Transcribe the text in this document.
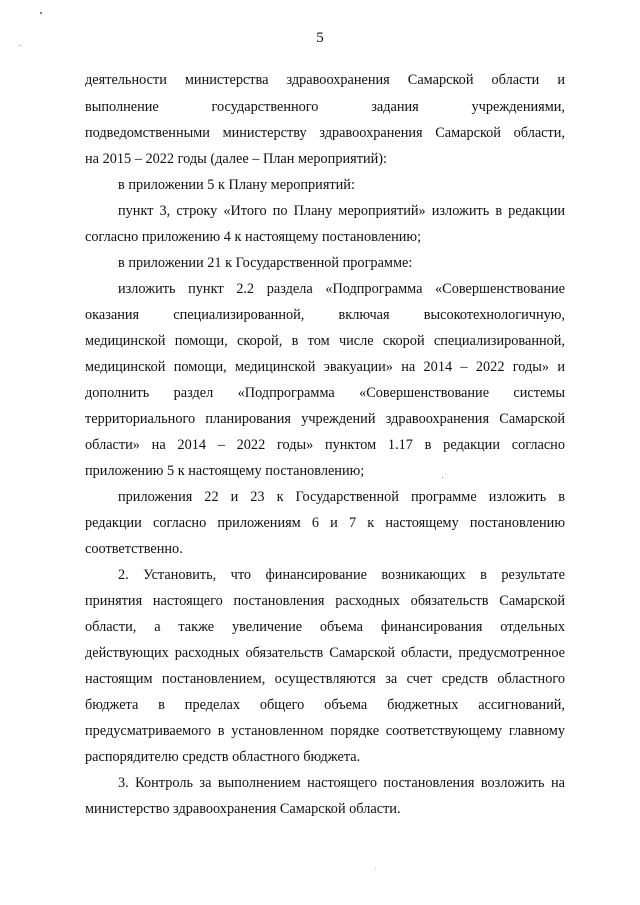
5
деятельности министерства здравоохранения Самарской области и
выполнение государственного задания учреждениями,
подведомственными министерству здравоохранения Самарской области,
на 2015 – 2022 годы (далее – План мероприятий):
в приложении 5 к Плану мероприятий:
пункт 3, строку «Итого по Плану мероприятий» изложить в редакции
согласно приложению 4 к настоящему постановлению;
в приложении 21 к Государственной программе:
изложить пункт 2.2 раздела «Подпрограмма «Совершенствование
оказания специализированной, включая высокотехнологичную,
медицинской помощи, скорой, в том числе скорой специализированной,
медицинской помощи, медицинской эвакуации» на 2014 – 2022 годы» и
дополнить раздел «Подпрограмма «Совершенствование системы
территориального планирования учреждений здравоохранения Самарской
области» на 2014 – 2022 годы» пунктом 1.17 в редакции согласно
приложению 5 к настоящему постановлению;
приложения 22 и 23 к Государственной программе изложить в
редакции согласно приложениям 6 и 7 к настоящему постановлению
соответственно.
2. Установить, что финансирование возникающих в результате
принятия настоящего постановления расходных обязательств Самарской
области, а также увеличение объема финансирования отдельных
действующих расходных обязательств Самарской области, предусмотренное
настоящим постановлением, осуществляются за счет средств областного
бюджета в пределах общего объема бюджетных ассигнований,
предусматриваемого в установленном порядке соответствующему главному
распорядителю средств областного бюджета.
3. Контроль за выполнением настоящего постановления возложить на
министерство здравоохранения Самарской области.
